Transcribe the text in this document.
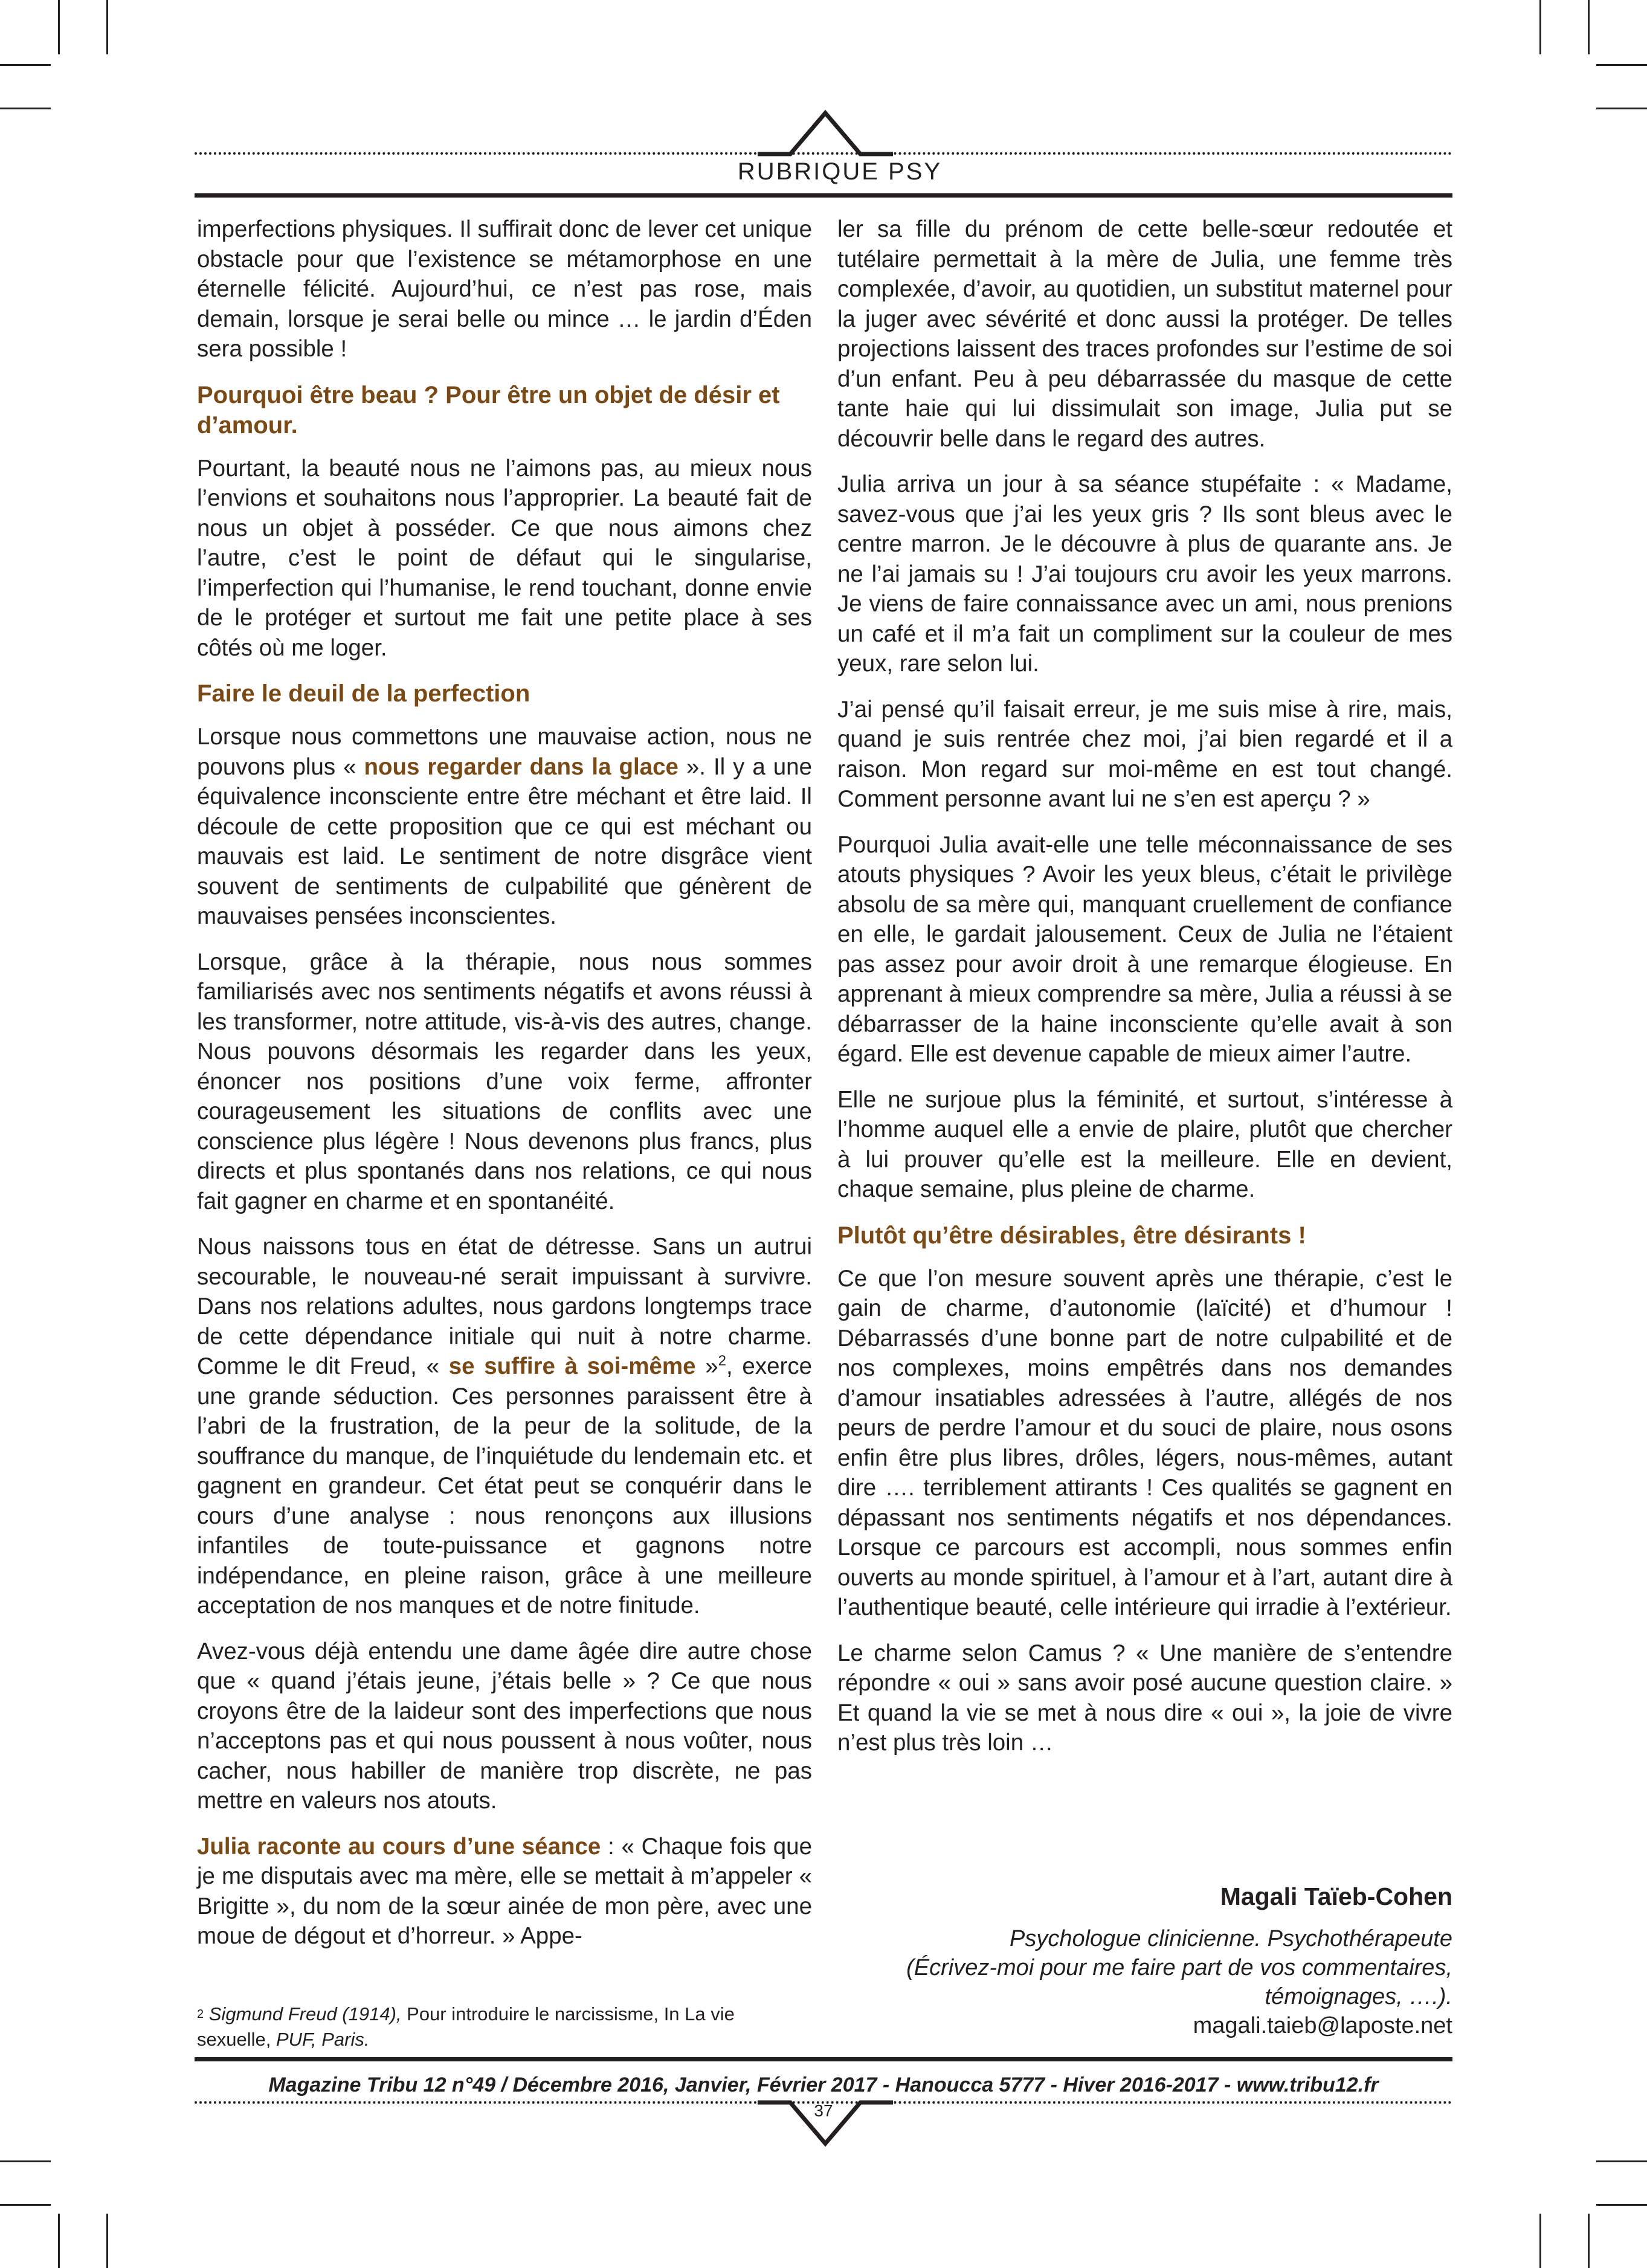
RUBRIQUE PSY

imperfections physiques. Il suffirait donc de lever cet unique obstacle pour que l’existence se métamorphose en une éternelle félicité. Aujourd’hui, ce n’est pas rose, mais demain, lorsque je serai belle ou mince … le jardin d’Éden sera possible !

Pourquoi être beau ? Pour être un objet de désir et d’amour.

Pourtant, la beauté nous ne l’aimons pas, au mieux nous l’envions et souhaitons nous l’approprier. La beauté fait de nous un objet à posséder. Ce que nous aimons chez l’autre, c’est le point de défaut qui le singularise, l’imperfection qui l’humanise, le rend touchant, donne envie de le protéger et surtout me fait une petite place à ses côtés où me loger.

Faire le deuil de la perfection

Lorsque nous commettons une mauvaise action, nous ne pouvons plus « nous regarder dans la glace ». Il y a une équivalence inconsciente entre être méchant et être laid. Il découle de cette proposition que ce qui est méchant ou mauvais est laid. Le sentiment de notre disgrâce vient souvent de sentiments de culpabilité que génèrent de mauvaises pensées inconscientes.

Lorsque, grâce à la thérapie, nous nous sommes familiarisés avec nos sentiments négatifs et avons réussi à les transformer, notre attitude, vis-à-vis des autres, change. Nous pouvons désormais les regarder dans les yeux, énoncer nos positions d’une voix ferme, affronter courageusement les situations de conflits avec une conscience plus légère ! Nous devenons plus francs, plus directs et plus spontanés dans nos relations, ce qui nous fait gagner en charme et en spontanéité.

Nous naissons tous en état de détresse. Sans un autrui secourable, le nouveau-né serait impuissant à survivre. Dans nos relations adultes, nous gardons longtemps trace de cette dépendance initiale qui nuit à notre charme. Comme le dit Freud, « se suffire à soi-même »$^2$, exerce une grande séduction. Ces personnes paraissent être à l’abri de la frustration, de la peur de la solitude, de la souffrance du manque, de l’inquiétude du lendemain etc. et gagnent en grandeur. Cet état peut se conquérir dans le cours d’une analyse : nous renonçons aux illusions infantiles de toute-puissance et gagnons notre indépendance, en pleine raison, grâce à une meilleure acceptation de nos manques et de notre finitude.

Avez-vous déjà entendu une dame âgée dire autre chose que « quand j’étais jeune, j’étais belle » ? Ce que nous croyons être de la laideur sont des imperfections que nous n’acceptons pas et qui nous poussent à nous voûter, nous cacher, nous habiller de manière trop discrète, ne pas mettre en valeurs nos atouts.

Julia raconte au cours d’une séance : « Chaque fois que je me disputais avec ma mère, elle se mettait à m’appeler « Brigitte », du nom de la sœur ainée de mon père, avec une moue de dégout et d’horreur. » Appe-

$^2$ Sigmund Freud (1914), Pour introduire le narcissisme, In La vie sexuelle, PUF, Paris.

ler sa fille du prénom de cette belle-sœur redoutée et tutélaire permettait à la mère de Julia, une femme très complexée, d’avoir, au quotidien, un substitut maternel pour la juger avec sévérité et donc aussi la protéger. De telles projections laissent des traces profondes sur l’estime de soi d’un enfant. Peu à peu débarrassée du masque de cette tante haie qui lui dissimulait son image, Julia put se découvrir belle dans le regard des autres.

Julia arriva un jour à sa séance stupéfaite : « Madame, savez-vous que j’ai les yeux gris ? Ils sont bleus avec le centre marron. Je le découvre à plus de quarante ans. Je ne l’ai jamais su ! J’ai toujours cru avoir les yeux marrons. Je viens de faire connaissance avec un ami, nous prenions un café et il m’a fait un compliment sur la couleur de mes yeux, rare selon lui.

J’ai pensé qu’il faisait erreur, je me suis mise à rire, mais, quand je suis rentrée chez moi, j’ai bien regardé et il a raison. Mon regard sur moi-même en est tout changé. Comment personne avant lui ne s’en est aperçu ? »

Pourquoi Julia avait-elle une telle méconnaissance de ses atouts physiques ? Avoir les yeux bleus, c’était le privilège absolu de sa mère qui, manquant cruellement de confiance en elle, le gardait jalousement. Ceux de Julia ne l’étaient pas assez pour avoir droit à une remarque élogieuse. En apprenant à mieux comprendre sa mère, Julia a réussi à se débarrasser de la haine inconsciente qu’elle avait à son égard. Elle est devenue capable de mieux aimer l’autre.

Elle ne surjoue plus la féminité, et surtout, s’intéresse à l’homme auquel elle a envie de plaire, plutôt que chercher à lui prouver qu’elle est la meilleure. Elle en devient, chaque semaine, plus pleine de charme.

Plutôt qu’être désirables, être désirants !

Ce que l’on mesure souvent après une thérapie, c’est le gain de charme, d’autonomie (laïcité) et d’humour ! Débarrassés d’une bonne part de notre culpabilité et de nos complexes, moins empêtrés dans nos demandes d’amour insatiables adressées à l’autre, allégés de nos peurs de perdre l’amour et du souci de plaire, nous osons enfin être plus libres, drôles, légers, nous-mêmes, autant dire …. terriblement attirants ! Ces qualités se gagnent en dépassant nos sentiments négatifs et nos dépendances. Lorsque ce parcours est accompli, nous sommes enfin ouverts au monde spirituel, à l’amour et à l’art, autant dire à l’authentique beauté, celle intérieure qui irradie à l’extérieur.

Le charme selon Camus ? « Une manière de s’entendre répondre « oui » sans avoir posé aucune question claire. » Et quand la vie se met à nous dire « oui », la joie de vivre n’est plus très loin …

Magali Taïeb-Cohen
Psychologue clinicienne. Psychothérapeute
(Écrivez-moi pour me faire part de vos commentaires, témoignages, ….).
magali.taieb@laposte.net
Magazine Tribu 12 n°49 / Décembre 2016, Janvier, Février 2017 - Hanoucca 5777 - Hiver 2016-2017 - www.tribu12.fr
37
